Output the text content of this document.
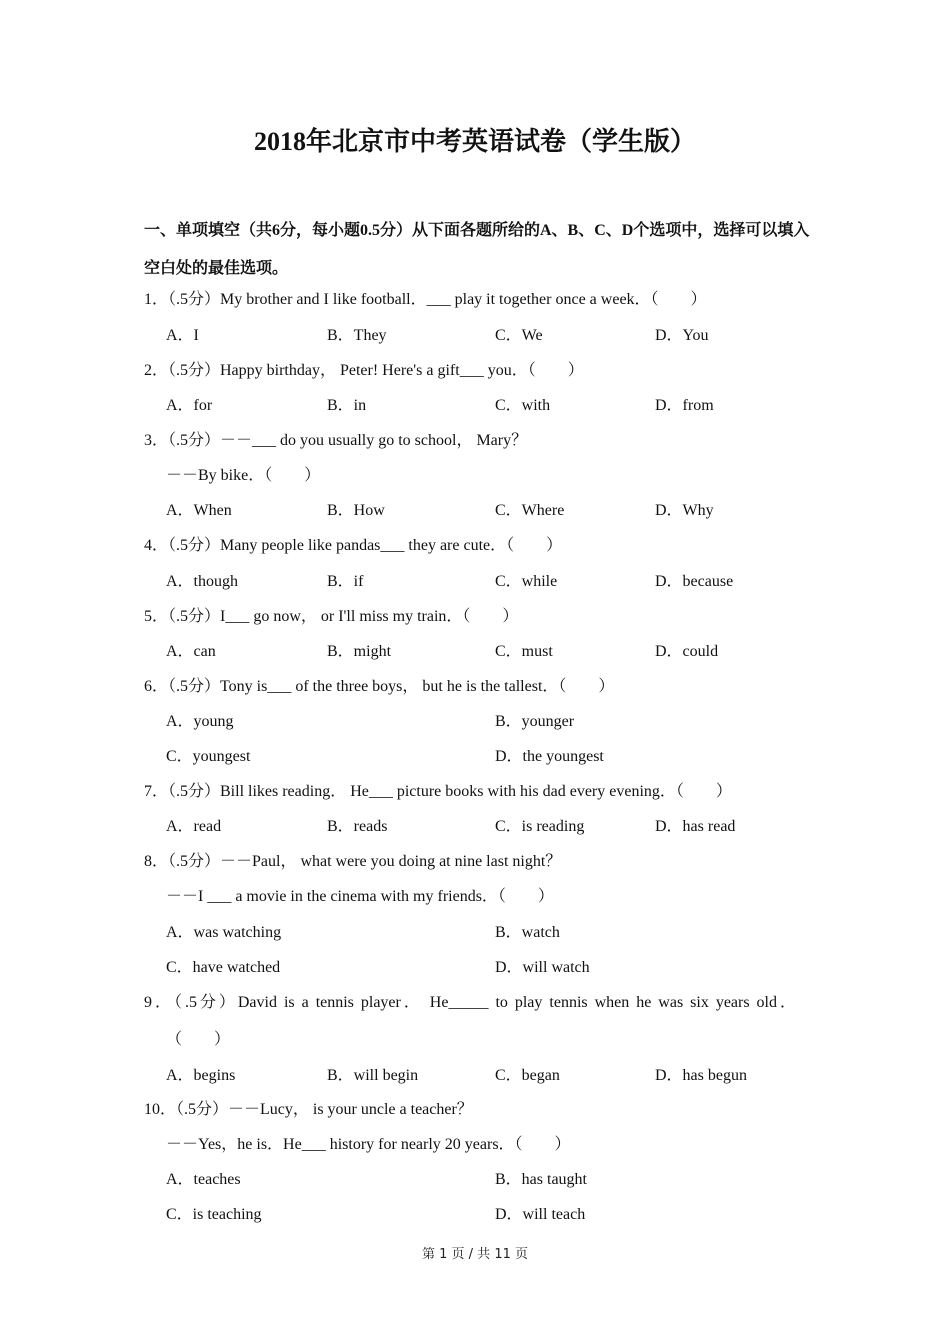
2018年北京市中考英语试卷（学生版）
一、单项填空（共6分，每小题0.5分）从下面各题所给的A、B、C、D个选项中，选择可以填入空白处的最佳选项。
1．（.5分）My brother and I like football．___ play it together once a week．（　　）
A．I	B．They	C．We	D．You
2．（.5分）Happy birthday， Peter! Here's a gift___ you．（　　）
A．for	B．in	C．with	D．from
3．（.5分）－－___ do you usually go to school， Mary？
－－By bike．（　　）
A．When	B．How	C．Where	D．Why
4．（.5分）Many people like pandas___ they are cute．（　　）
A．though	B．if	C．while	D．because
5．（.5分）I___ go now， or I'll miss my train．（　　）
A．can	B．might	C．must	D．could
6．（.5分）Tony is___ of the three boys， but he is the tallest．（　　）
A．young	B．younger
C．youngest	D．the youngest
7．（.5分）Bill likes reading． He___ picture books with his dad every evening．（　　）
A．read	B．reads	C．is reading	D．has read
8．（.5分）－－Paul， what were you doing at nine last night？
－－I ___ a movie in the cinema with my friends．（　　）
A．was watching	B．watch
C．have watched	D．will watch
9．（.5分）David is a tennis player． He_____ to play tennis when he was six years old．
（　　）
A．begins	B．will begin	C．began	D．has begun
10．（.5分）－－Lucy， is your uncle a teacher？
－－Yes，he is．He___ history for nearly 20 years．（　　）
A．teaches	B．has taught
C．is teaching	D．will teach
第 1 页 / 共 11 页
